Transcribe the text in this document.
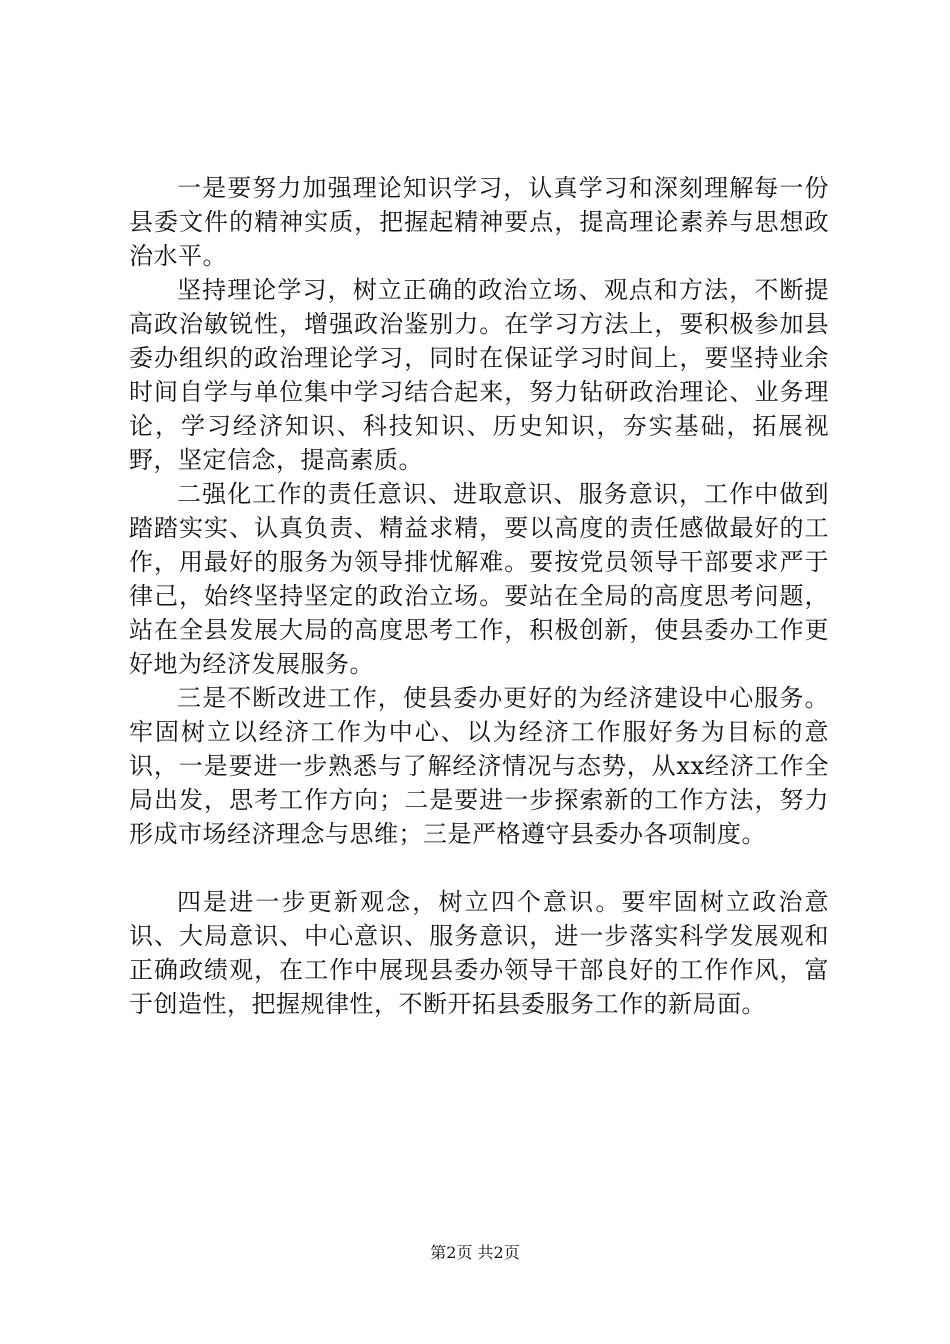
一是要努力加强理论知识学习，认真学习和深刻理解每一份县委文件的精神实质，把握起精神要点，提高理论素养与思想政治水平。

坚持理论学习，树立正确的政治立场、观点和方法，不断提高政治敏锐性，增强政治鉴别力。在学习方法上，要积极参加县委办组织的政治理论学习，同时在保证学习时间上，要坚持业余时间自学与单位集中学习结合起来，努力钻研政治理论、业务理论，学习经济知识、科技知识、历史知识，夯实基础，拓展视野，坚定信念，提高素质。

二强化工作的责任意识、进取意识、服务意识，工作中做到踏踏实实、认真负责、精益求精，要以高度的责任感做最好的工作，用最好的服务为领导排忧解难。要按党员领导干部要求严于律己，始终坚持坚定的政治立场。要站在全局的高度思考问题，站在全县发展大局的高度思考工作，积极创新，使县委办工作更好地为经济发展服务。

三是不断改进工作，使县委办更好的为经济建设中心服务。牢固树立以经济工作为中心、以为经济工作服好务为目标的意识，一是要进一步熟悉与了解经济情况与态势，从xx经济工作全局出发，思考工作方向；二是要进一步探索新的工作方法，努力形成市场经济理念与思维；三是严格遵守县委办各项制度。

四是进一步更新观念，树立四个意识。要牢固树立政治意识、大局意识、中心意识、服务意识，进一步落实科学发展观和正确政绩观，在工作中展现县委办领导干部良好的工作作风，富于创造性，把握规律性，不断开拓县委服务工作的新局面。

第2页 共2页
